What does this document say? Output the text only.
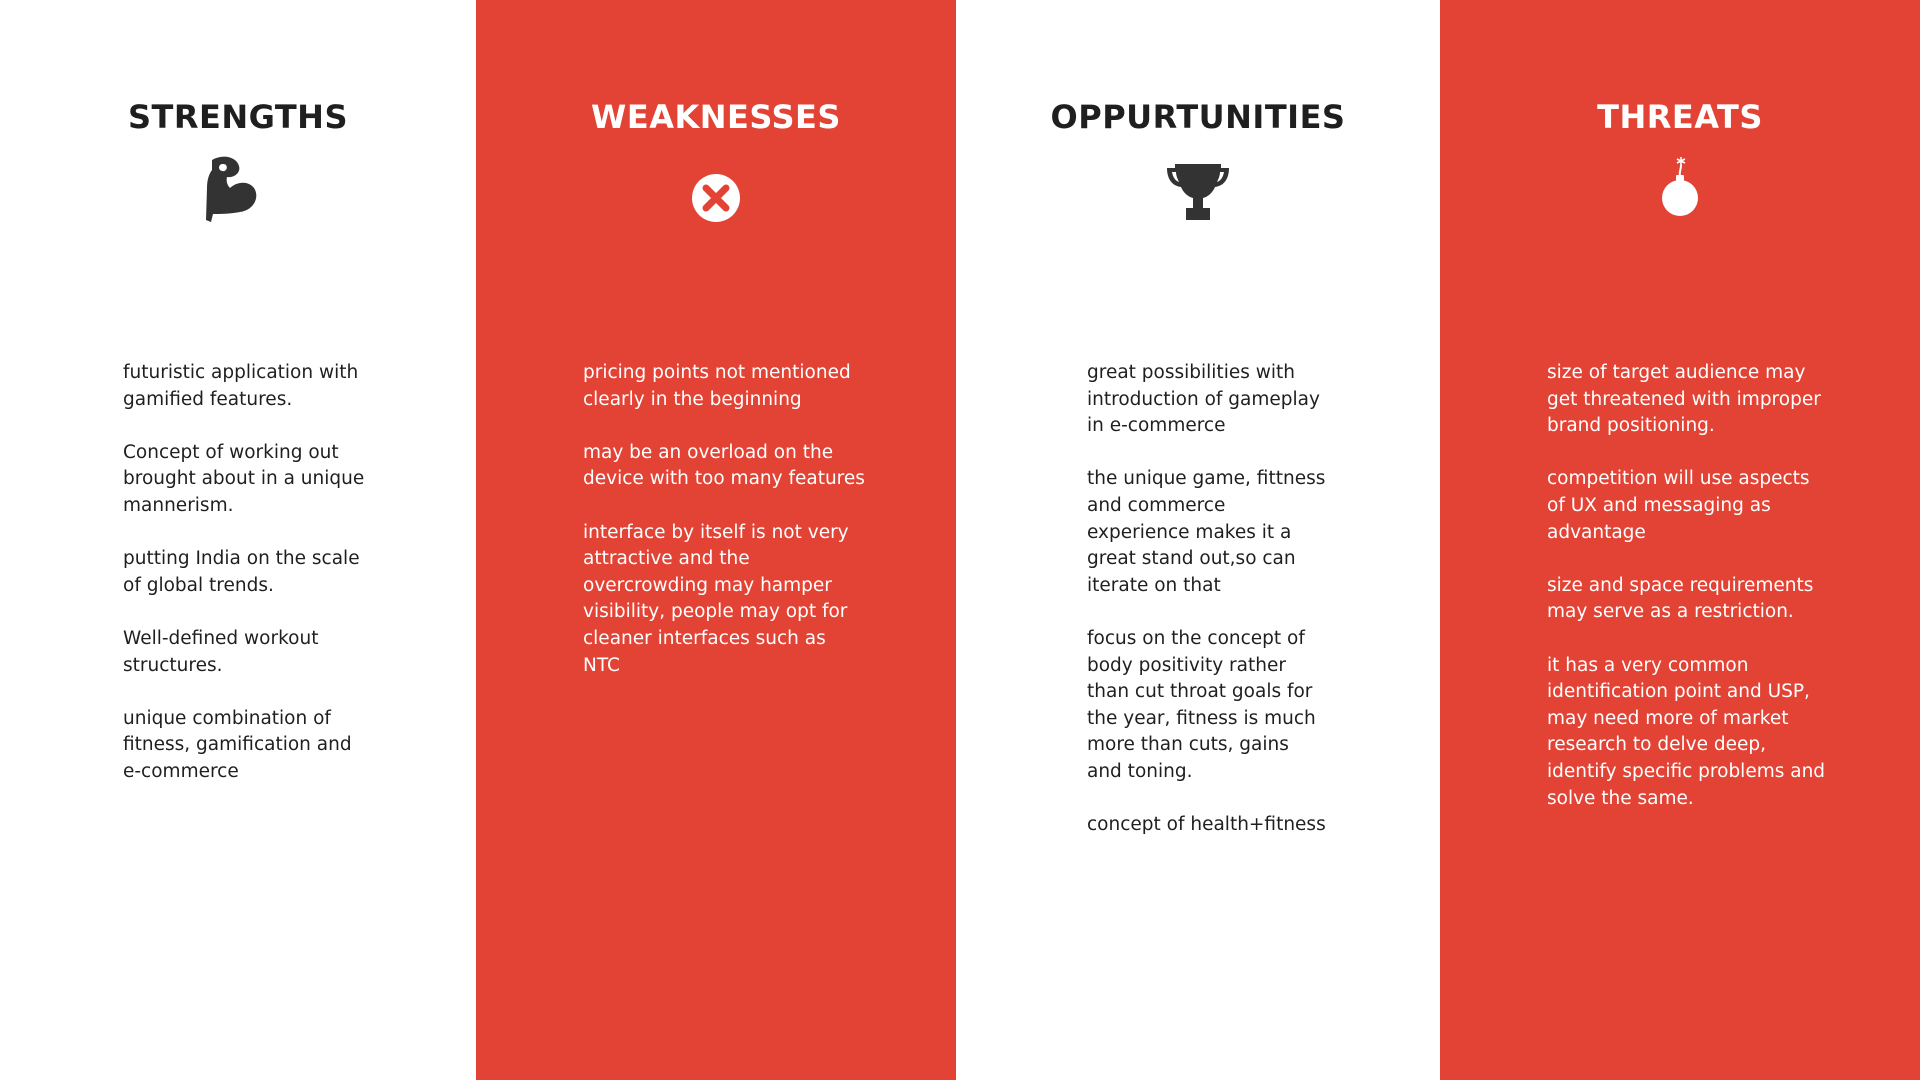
STRENGTHS

futuristic application with
gamified features.

Concept of working out
brought about in a unique
mannerism.

putting India on the scale
of global trends.

Well-defined workout
structures.

unique combination of
fitness, gamification and
e-commerce

WEAKNESSES

pricing points not mentioned
clearly in the beginning

may be an overload on the
device with too many features

interface by itself is not very
attractive and the
overcrowding may hamper
visibility, people may opt for
cleaner interfaces such as
NTC

OPPURTUNITIES

great possibilities with
introduction of gameplay
in e-commerce

the unique game, fittness
and commerce
experience makes it a
great stand out,so can
iterate on that

focus on the concept of
body positivity rather
than cut throat goals for
the year, fitness is much
more than cuts, gains
and toning.

concept of health+fitness

THREATS

size of target audience may
get threatened with improper
brand positioning.

competition will use aspects
of UX and messaging as
advantage

size and space requirements
may serve as a restriction.

it has a very common
identification point and USP,
may need more of market
research to delve deep,
identify specific problems and
solve the same.
